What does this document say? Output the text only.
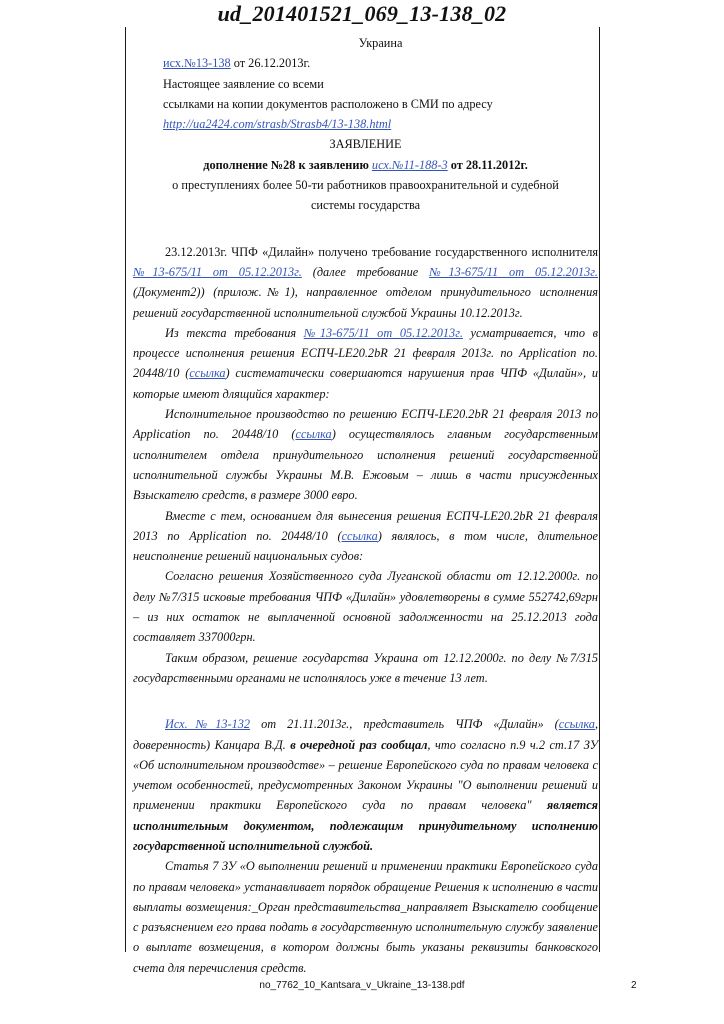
ud_201401521_069_13-138_02
Украина
исх.№13-138 от 26.12.2013г.
Настоящее заявление со всеми
ссылками на копии документов расположено в СМИ по адресу
http://ua2424.com/strasb/Strasb4/13-138.html
ЗАЯВЛЕНИЕ
дополнение №28 к заявлению исх.№11-188-3 от 28.11.2012г.
о преступлениях более 50-ти работников правоохранительной и судебной
системы государства

23.12.2013г. ЧПФ «Дилайн» получено требование государственного исполнителя №13-675/11 от 05.12.2013г. (далее требование №13-675/11 от 05.12.2013г. (Документ2)) (прилож.№1), направленное отделом принудительного исполнения решений государственной исполнительной службой Украины 10.12.2013г.

Из текста требования №13-675/11 от 05.12.2013г. усматривается, что в процессе исполнения решения ЕСПЧ-LE20.2bR 21 февраля 2013г. по Application no. 20448/10 (ссылка) систематически совершаются нарушения прав ЧПФ «Дилайн», и которые имеют длящийся характер:

Исполнительное производство по решению ЕСПЧ-LE20.2bR 21 февраля 2013 по Application no. 20448/10 (ссылка) осуществлялось главным государственным исполнителем отдела принудительного исполнения решений государственной исполнительной службы Украины М.В. Ежовым – лишь в части присужденных Взыскателю средств, в размере 3000 евро.

Вместе с тем, основанием для вынесения решения ЕСПЧ-LE20.2bR 21 февраля 2013 по Application no. 20448/10 (ссылка) являлось, в том числе, длительное неисполнение решений национальных судов:

Согласно решения Хозяйственного суда Луганской области от 12.12.2000г. по делу №7/315 исковые требования ЧПФ «Дилайн» удовлетворены в сумме 552742,69грн – из них остаток не выплаченной основной задолженности на 25.12.2013 года составляет 337000грн.

Таким образом, решение государства Украина от 12.12.2000г. по делу №7/315 государственными органами не исполнялось уже в течение 13 лет.

Исх.№13-132 от 21.11.2013г., представитель ЧПФ «Дилайн» (ссылка, доверенность) Канцара В.Д. в очередной раз сообщал, что согласно п.9 ч.2 ст.17 ЗУ «Об исполнительном производстве» – решение Европейского суда по правам человека с учетом особенностей, предусмотренных Законом Украины "О выполнении решений и применении практики Европейского суда по правам человека" является исполнительным документом, подлежащим принудительному исполнению государственной исполнительной службой.

Статья 7 ЗУ «О выполнении решений и применении практики Европейского суда по правам человека» устанавливает порядок обращение Решения к исполнению в части выплаты возмещения:_Орган представительства_направляет Взыскателю сообщение с разъяснением его права подать в государственную исполнительную службу заявление о выплате возмещения, в котором должны быть указаны реквизиты банковского счета для перечисления средств.

no_7762_10_Kantsara_v_Ukraine_13-138.pdf	2
